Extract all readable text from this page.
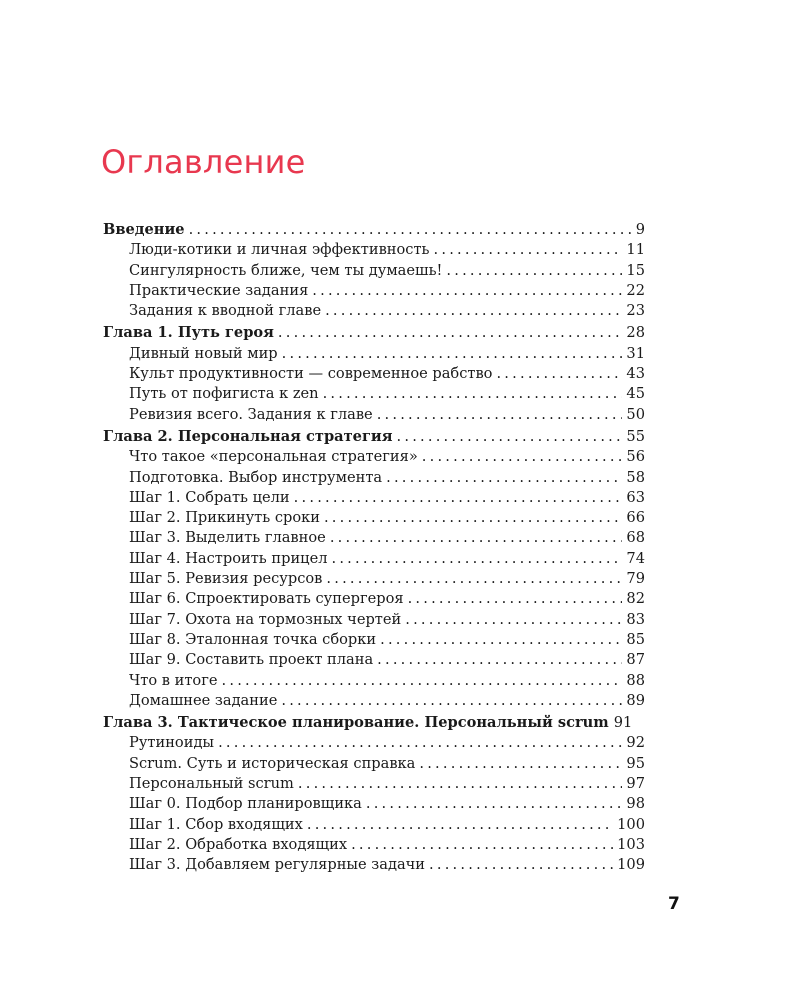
Оглавление
Введение .....	9
Люди-котики и личная эффективность .....	11
Сингулярность ближе, чем ты думаешь! .....	15
Практические задания .....	22
Задания к вводной главе .....	23
Глава 1. Путь героя .....	28
Дивный новый мир .....	31
Культ продуктивности — современное рабство .....	43
Путь от пофигиста к zen .....	45
Ревизия всего. Задания к главе .....	50
Глава 2. Персональная стратегия .....	55
Что такое «персональная стратегия» .....	56
Подготовка. Выбор инструмента .....	58
Шаг 1. Собрать цели .....	63
Шаг 2. Прикинуть сроки .....	66
Шаг 3. Выделить главное .....	68
Шаг 4. Настроить прицел .....	74
Шаг 5. Ревизия ресурсов .....	79
Шаг 6. Спроектировать супергероя .....	82
Шаг 7. Охота на тормозных чертей .....	83
Шаг 8. Эталонная точка сборки .....	85
Шаг 9. Составить проект плана .....	87
Что в итоге .....	88
Домашнее задание .....	89
Глава 3. Тактическое планирование. Персональный scrum 91
Рутиноиды .....	92
Scrum. Суть и историческая справка .....	95
Персональный scrum .....	97
Шаг 0. Подбор планировщика .....	98
Шаг 1. Сбор входящих .....	100
Шаг 2. Обработка входящих .....	103
Шаг 3. Добавляем регулярные задачи .....	109
7
